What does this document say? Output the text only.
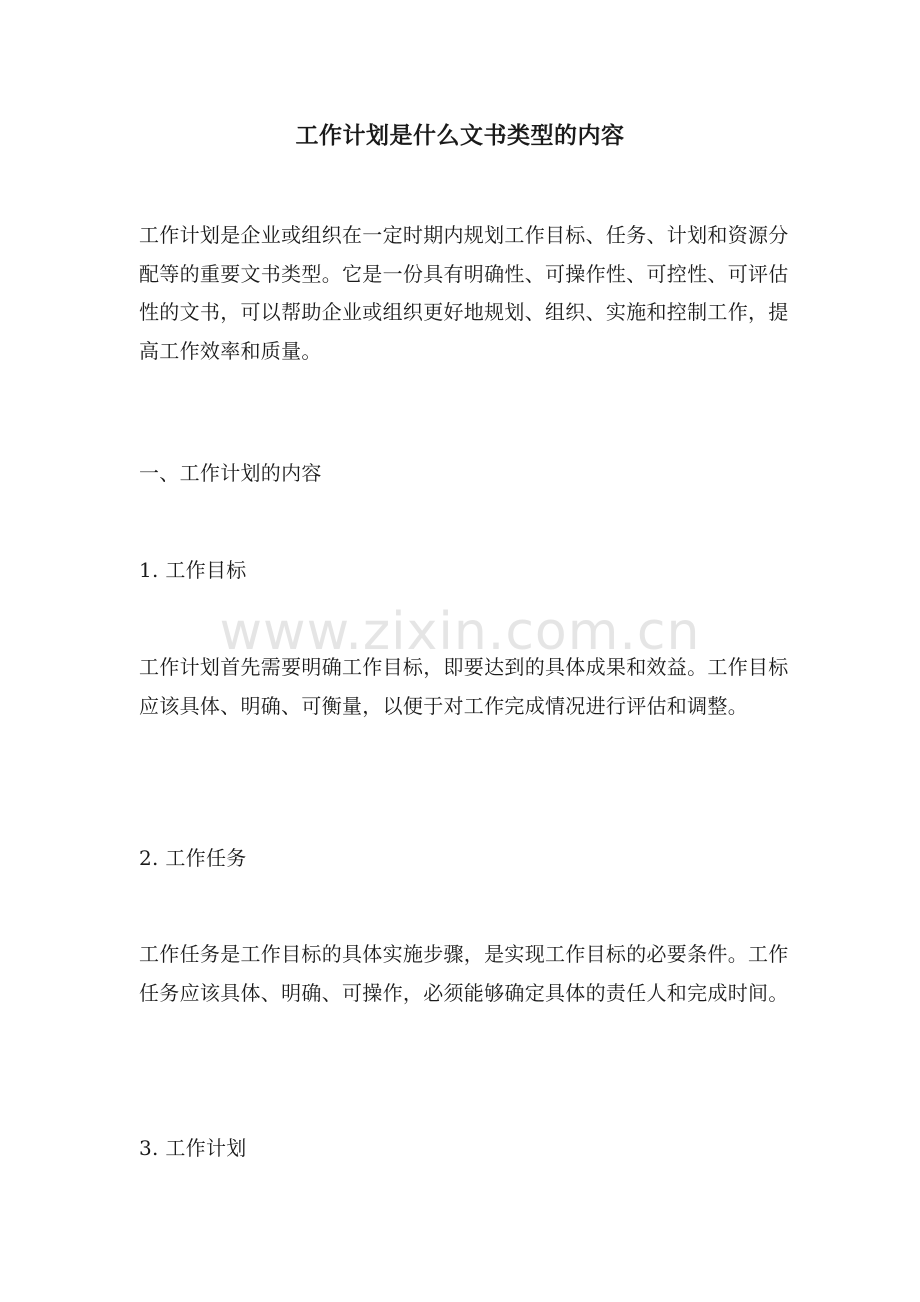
工作计划是什么文书类型的内容

工作计划是企业或组织在一定时期内规划工作目标、任务、计划和资源分配等的重要文书类型。它是一份具有明确性、可操作性、可控性、可评估性的文书，可以帮助企业或组织更好地规划、组织、实施和控制工作，提高工作效率和质量。

一、工作计划的内容

1. 工作目标

工作计划首先需要明确工作目标，即要达到的具体成果和效益。工作目标应该具体、明确、可衡量，以便于对工作完成情况进行评估和调整。

2. 工作任务

工作任务是工作目标的具体实施步骤，是实现工作目标的必要条件。工作任务应该具体、明确、可操作，必须能够确定具体的责任人和完成时间。

3. 工作计划

www.zixin.com.cn
